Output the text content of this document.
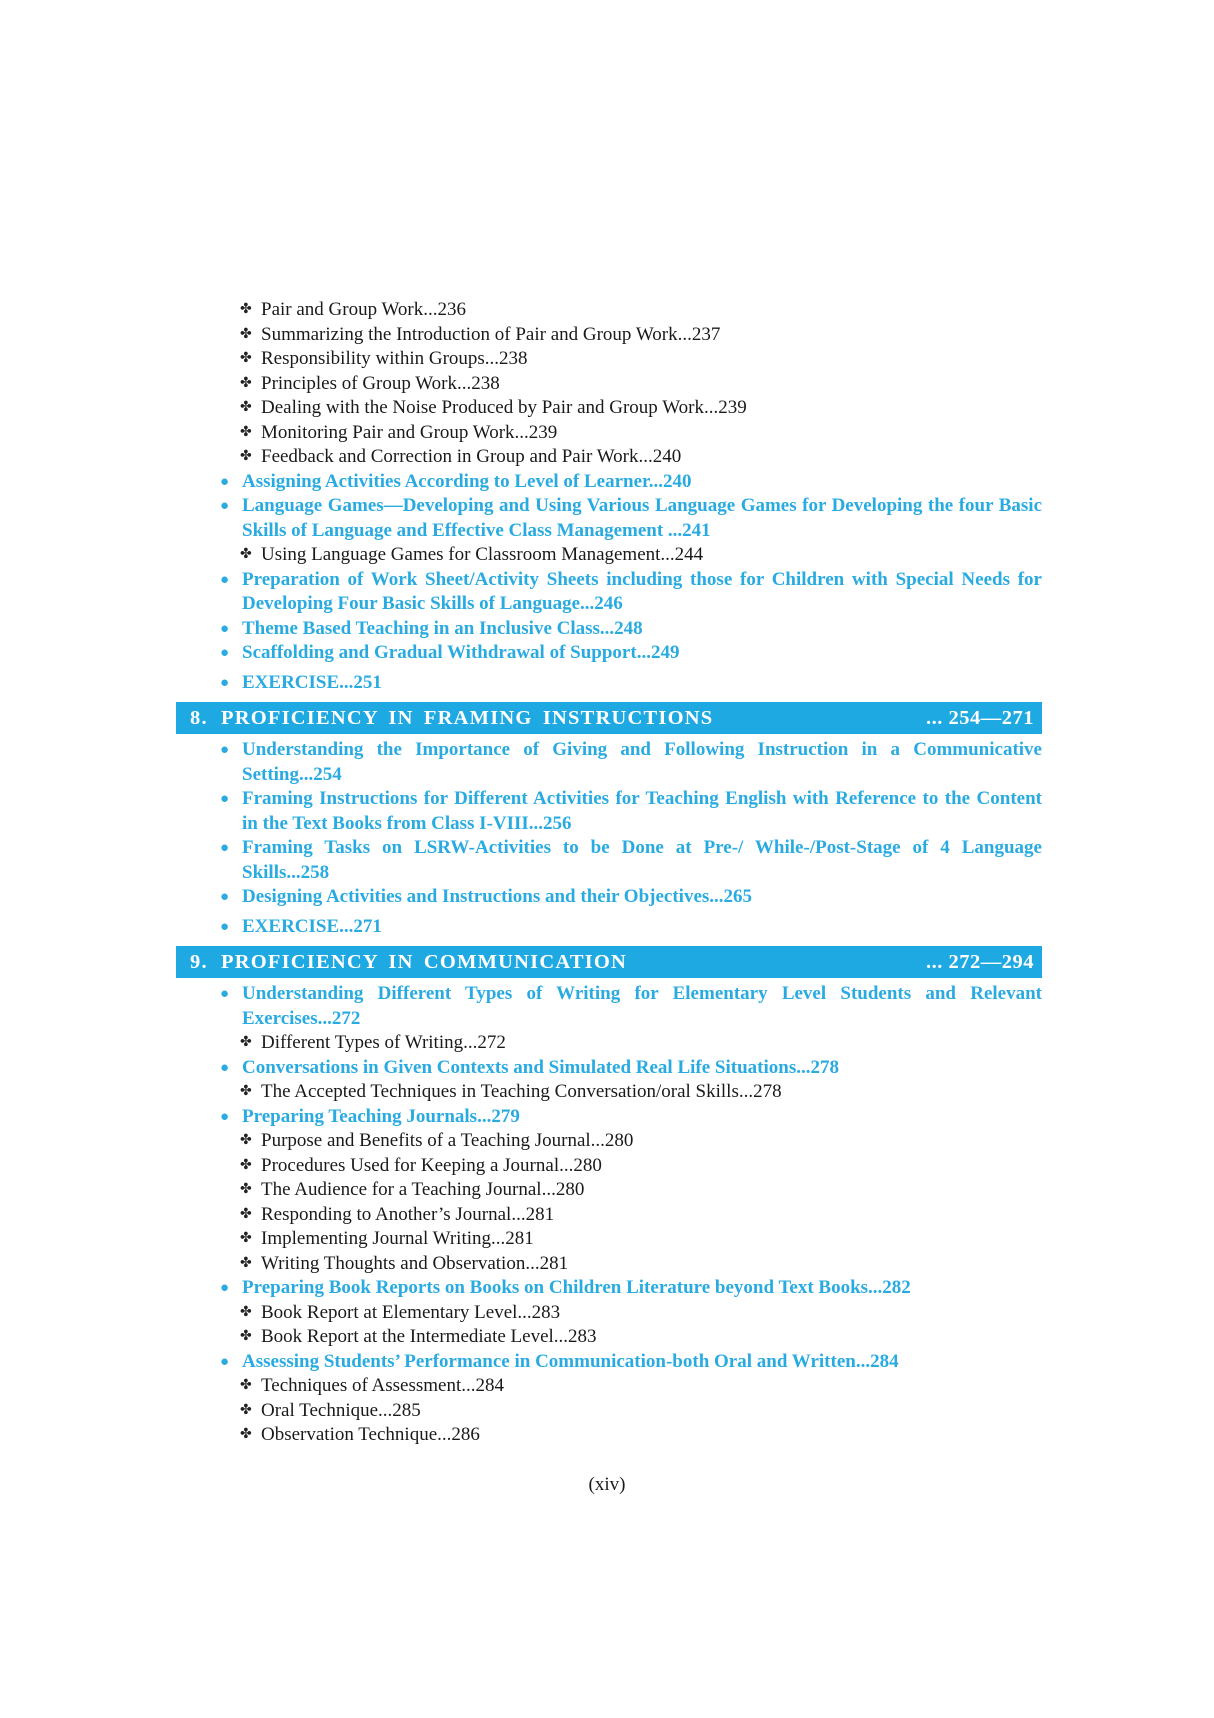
✤ Pair and Group Work...236
✤ Summarizing the Introduction of Pair and Group Work...237
✤ Responsibility within Groups...238
✤ Principles of Group Work...238
✤ Dealing with the Noise Produced by Pair and Group Work...239
✤ Monitoring Pair and Group Work...239
✤ Feedback and Correction in Group and Pair Work...240
● Assigning Activities According to Level of Learner...240
● Language Games—Developing and Using Various Language Games for Developing the four Basic Skills of Language and Effective Class Management ...241
✤ Using Language Games for Classroom Management...244
● Preparation of Work Sheet/Activity Sheets including those for Children with Special Needs for Developing Four Basic Skills of Language...246
● Theme Based Teaching in an Inclusive Class...248
● Scaffolding and Gradual Withdrawal of Support...249
● EXERCISE...251
8. PROFICIENCY IN FRAMING INSTRUCTIONS	... 254—271
● Understanding the Importance of Giving and Following Instruction in a Communicative Setting...254
● Framing Instructions for Different Activities for Teaching English with Reference to the Content in the Text Books from Class I-VIII...256
● Framing Tasks on LSRW-Activities to be Done at Pre-/ While-/Post-Stage of 4 Language Skills...258
● Designing Activities and Instructions and their Objectives...265
● EXERCISE...271
9. PROFICIENCY IN COMMUNICATION	... 272—294
● Understanding Different Types of Writing for Elementary Level Students and Relevant Exercises...272
✤ Different Types of Writing...272
● Conversations in Given Contexts and Simulated Real Life Situations...278
✤ The Accepted Techniques in Teaching Conversation/oral Skills...278
● Preparing Teaching Journals...279
✤ Purpose and Benefits of a Teaching Journal...280
✤ Procedures Used for Keeping a Journal...280
✤ The Audience for a Teaching Journal...280
✤ Responding to Another’s Journal...281
✤ Implementing Journal Writing...281
✤ Writing Thoughts and Observation...281
● Preparing Book Reports on Books on Children Literature beyond Text Books...282
✤ Book Report at Elementary Level...283
✤ Book Report at the Intermediate Level...283
● Assessing Students’ Performance in Communication-both Oral and Written...284
✤ Techniques of Assessment...284
✤ Oral Technique...285
✤ Observation Technique...286
(xiv)
